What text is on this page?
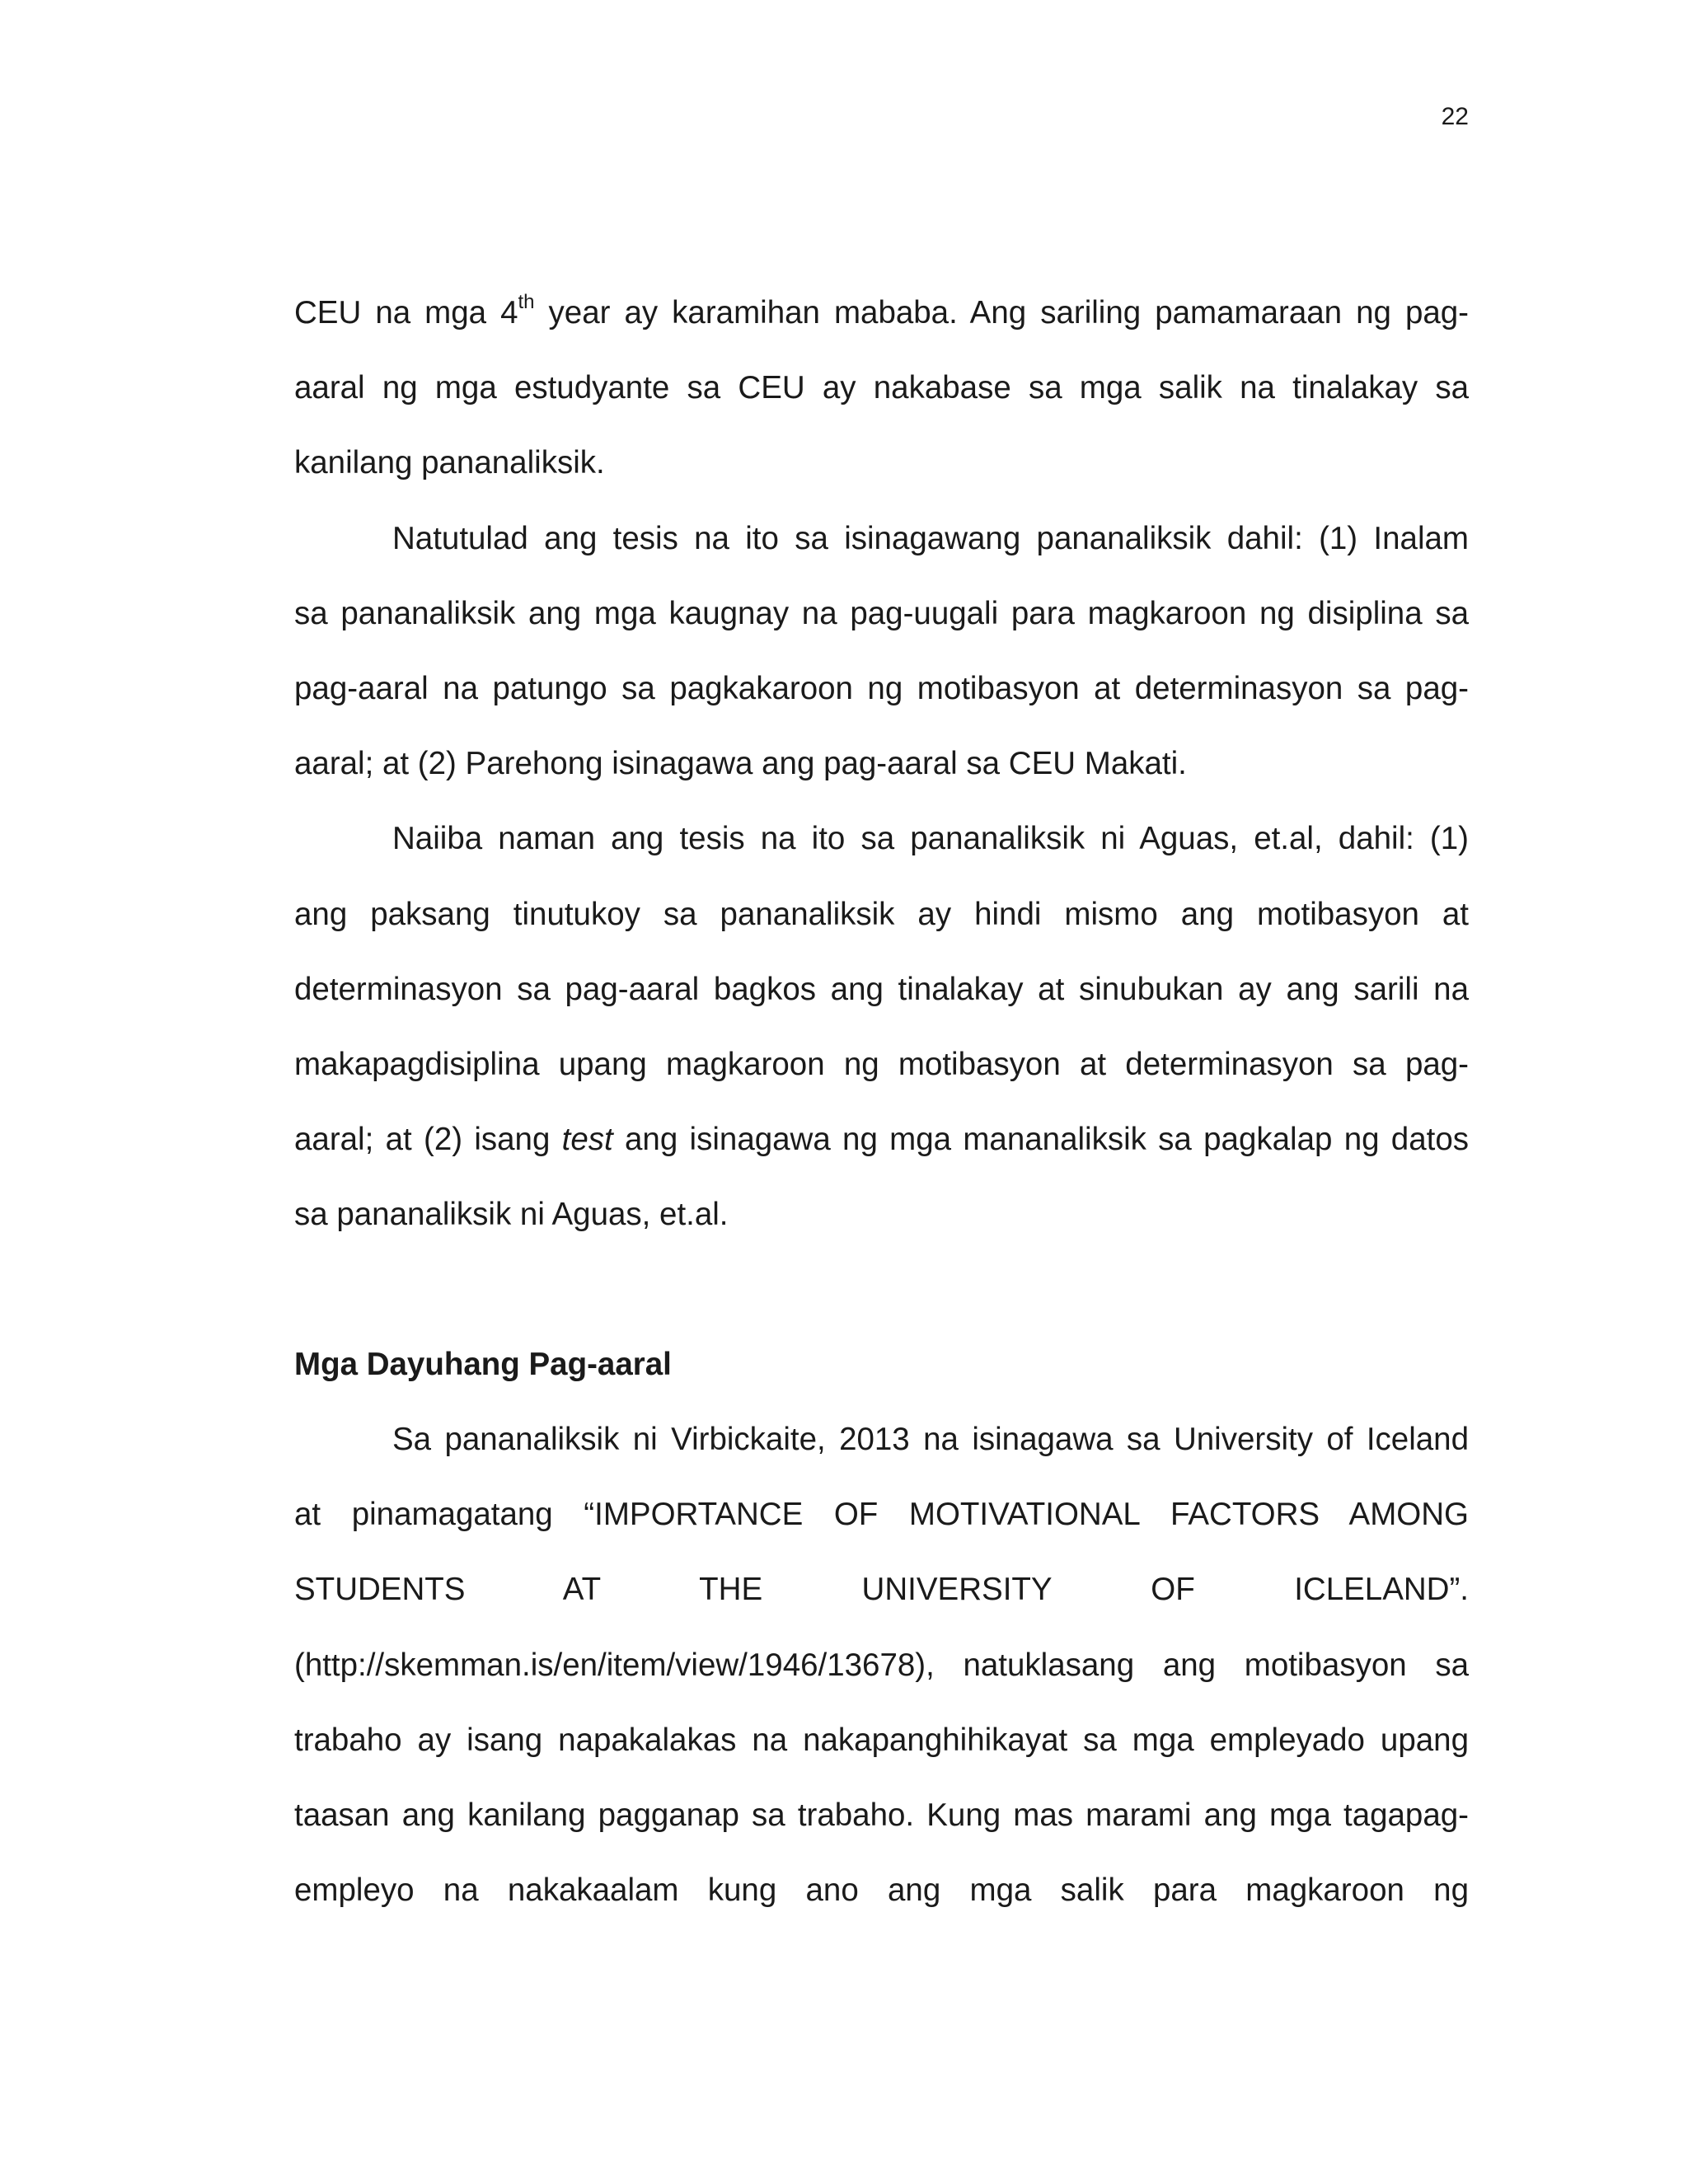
22
CEU na mga 4th year ay karamihan mababa. Ang sariling pamamaraan ng pag-
aaral ng mga estudyante sa CEU ay nakabase sa mga salik na tinalakay sa
kanilang pananaliksik.
Natutulad ang tesis na ito sa isinagawang pananaliksik dahil: (1) Inalam
sa pananaliksik ang mga kaugnay na pag-uugali para magkaroon ng disiplina sa
pag-aaral na patungo sa pagkakaroon ng motibasyon at determinasyon sa pag-
aaral; at (2) Parehong isinagawa ang pag-aaral sa CEU Makati.
Naiiba naman ang tesis na ito sa pananaliksik ni Aguas, et.al, dahil: (1)
ang paksang tinutukoy sa pananaliksik ay hindi mismo ang motibasyon at
determinasyon sa pag-aaral bagkos ang tinalakay at sinubukan ay ang sarili na
makapagdisiplina upang magkaroon ng motibasyon at determinasyon sa pag-
aaral; at (2) isang test ang isinagawa ng mga mananaliksik sa pagkalap ng datos
sa pananaliksik ni Aguas, et.al.
Mga Dayuhang Pag-aaral
Sa pananaliksik ni Virbickaite, 2013 na isinagawa sa University of Iceland
at pinamagatang “IMPORTANCE OF MOTIVATIONAL FACTORS AMONG
STUDENTS AT THE UNIVERSITY OF ICLELAND”.
(http://skemman.is/en/item/view/1946/13678), natuklasang ang motibasyon sa
trabaho ay isang napakalakas na nakapanghihikayat sa mga empleyado upang
taasan ang kanilang pagganap sa trabaho. Kung mas marami ang mga tagapag-
empleyo na nakakaalam kung ano ang mga salik para magkaroon ng
